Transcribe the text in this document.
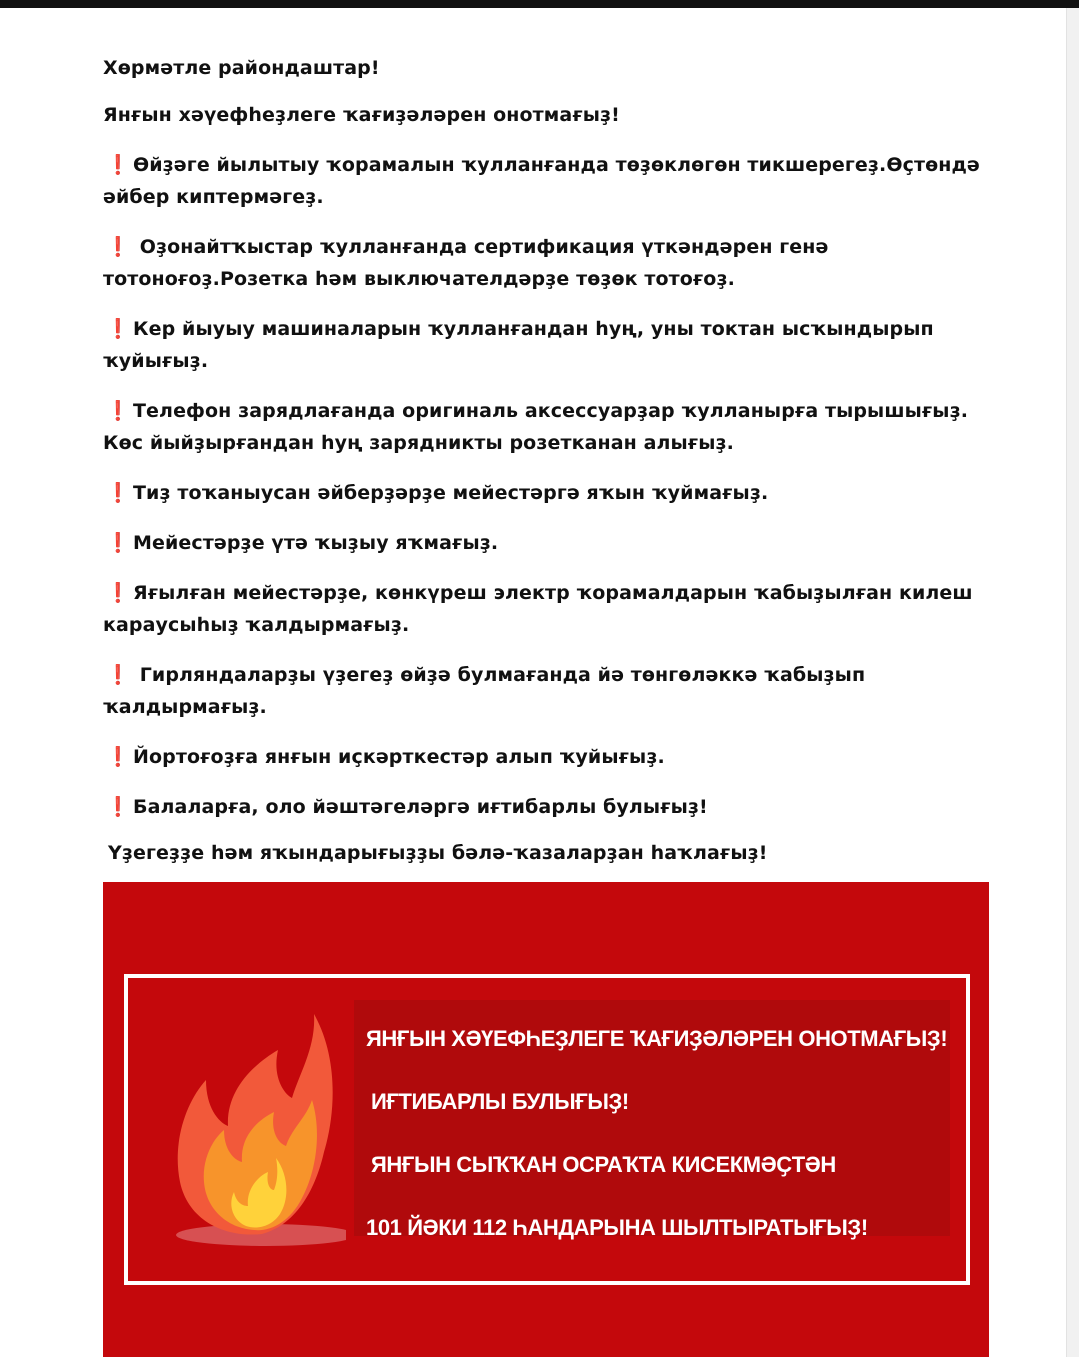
Хөрмәтле райондаштар!

Янғын хәүефһеҙлеге ҡағиҙәләрен онотмағыҙ!

❗ Өйҙәге йылытыу ҡорамалын ҡулланғанда төҙөклөгөн тикшерегеҙ.Өҫтөндә әйбер киптермәгеҙ.

❗ Оҙонайтҡыстар ҡулланғанда сертификация үткәндәрен генә тотоноғоҙ.Розетка һәм выключателдәрҙе төҙөк тотоғоҙ.

❗ Кер йыуыу машиналарын ҡулланғандан һуң, уны токтан ысҡындырып ҡуйығыҙ.

❗ Телефон зарядлағанда оригиналь аксессуарҙар ҡулланырға тырышығыҙ. Көс йыйҙырғандан һуң зарядникты розетканан алығыҙ.

❗ Тиҙ тоҡаныусан әйберҙәрҙе мейестәргә яҡын ҡуймағыҙ.

❗ Мейестәрҙе үтә ҡыҙыу яҡмағыҙ.

❗ Яғылған мейестәрҙе, көнкүреш электр ҡорамалдарын ҡабыҙылған килеш караусыһыҙ ҡалдырмағыҙ.

❗ Гирляндаларҙы үҙегеҙ өйҙә булмағанда йә төнгөләккә ҡабыҙып ҡалдырмағыҙ.

❗ Йортоғоҙға янғын иҫкәрткестәр алып ҡуйығыҙ.

❗ Балаларға, оло йәштәгеләргә иғтибарлы булығыҙ!

Үҙегеҙҙе һәм яҡындарығыҙҙы бәлә-ҡазаларҙан һаҡлағыҙ!

ЯНҒЫН ХӘҮЕФҺЕҘЛЕГЕ ҠАҒИҘӘЛӘРЕН ОНОТМАҒЫҘ!
ИҒТИБАРЛЫ БУЛЫҒЫҘ!
ЯНҒЫН СЫҠҠАН ОСРАҠТА КИСЕКМӘҪТӘН
101 ЙӘКИ 112 ҺАНДАРЫНА ШЫЛТЫРАТЫҒЫҘ!
